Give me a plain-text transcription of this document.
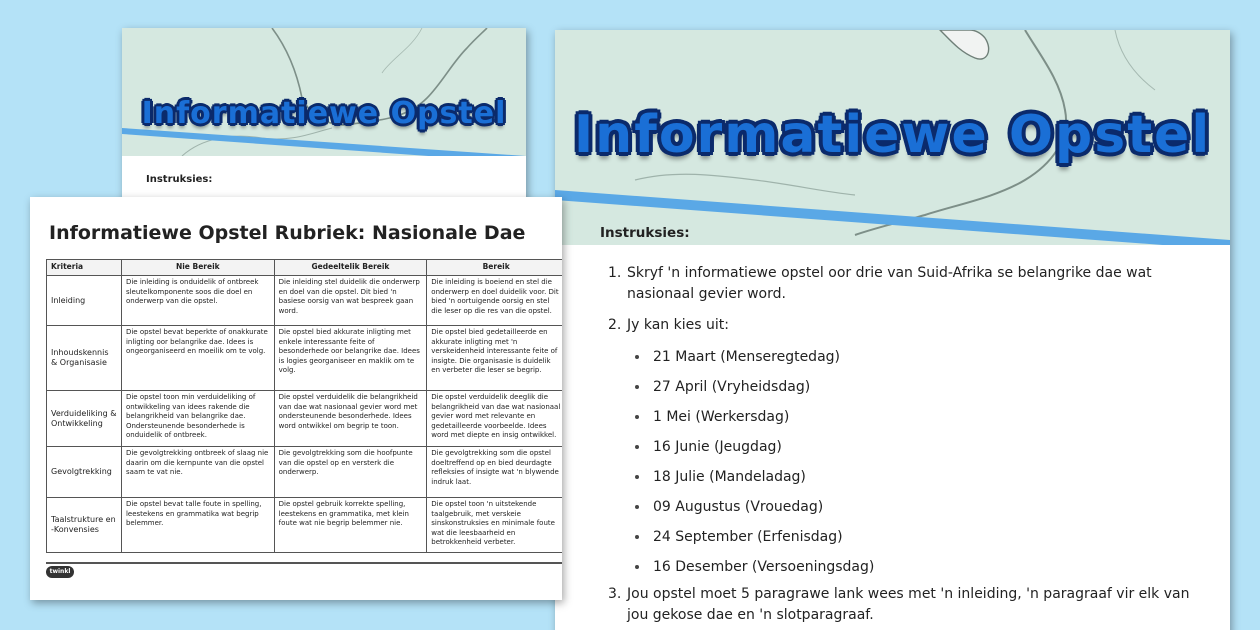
Informatiewe Opstel
Instruksies:
Informatiewe Opstel
Instruksies:
1. Skryf 'n informatiewe opstel oor drie van Suid-Afrika se belangrike dae wat nasionaal gevier word.
2. Jy kan kies uit:
21 Maart (Menseregtedag)
27 April (Vryheidsdag)
1 Mei (Werkersdag)
16 Junie (Jeugdag)
18 Julie (Mandeladag)
09 Augustus (Vrouedag)
24 September (Erfenisdag)
16 Desember (Versoeningsdag)
3. Jou opstel moet 5 paragrawe lank wees met 'n inleiding, 'n paragraaf vir elk van jou gekose dae en 'n slotparagraaf.
Informatiewe Opstel Rubriek: Nasionale Dae
Kriteria	Nie Bereik	Gedeeltelik Bereik	Bereik
Inleiding	Die inleiding is onduidelik of ontbreek sleutelkomponente soos die doel en onderwerp van die opstel.	Die inleiding stel duidelik die onderwerp en doel van die opstel. Dit bied 'n basiese oorsig van wat bespreek gaan word.	Die inleiding is boeiend en stel die onderwerp en doel duidelik voor. Dit bied 'n oortuigende oorsig en stel die leser op die res van die opstel.
Inhoudskennis & Organisasie	Die opstel bevat beperkte of onakkurate inligting oor belangrike dae. Idees is ongeorganiseerd en moeilik om te volg.	Die opstel bied akkurate inligting met enkele interessante feite of besonderhede oor belangrike dae. Idees is logies georganiseer en maklik om te volg.	Die opstel bied gedetailleerde en akkurate inligting met 'n verskeidenheid interessante feite of insigte. Die organisasie is duidelik en verbeter die leser se begrip.
Verduideliking & Ontwikkeling	Die opstel toon min verduideliking of ontwikkeling van idees rakende die belangrikheid van belangrike dae. Ondersteunende besonderhede is onduidelik of ontbreek.	Die opstel verduidelik die belangrikheid van dae wat nasionaal gevier word met ondersteunende besonderhede. Idees word ontwikkel om begrip te toon.	Die opstel verduidelik deeglik die belangrikheid van dae wat nasionaal gevier word met relevante en gedetailleerde voorbeelde. Idees word met diepte en insig ontwikkel.
Gevolgtrekking	Die gevolgtrekking ontbreek of slaag nie daarin om die kernpunte van die opstel saam te vat nie.	Die gevolgtrekking som die hoofpunte van die opstel op en versterk die onderwerp.	Die gevolgtrekking som die opstel doeltreffend op en bied deurdagte refleksies of insigte wat 'n blywende indruk laat.
Taalstrukture en -Konvensies	Die opstel bevat talle foute in spelling, leestekens en grammatika wat begrip belemmer.	Die opstel gebruik korrekte spelling, leestekens en grammatika, met klein foute wat nie begrip belemmer nie.	Die opstel toon 'n uitstekende taalgebruik, met verskeie sinskonstruksies en minimale foute wat die leesbaarheid en betrokkenheid verbeter.
twinkl
